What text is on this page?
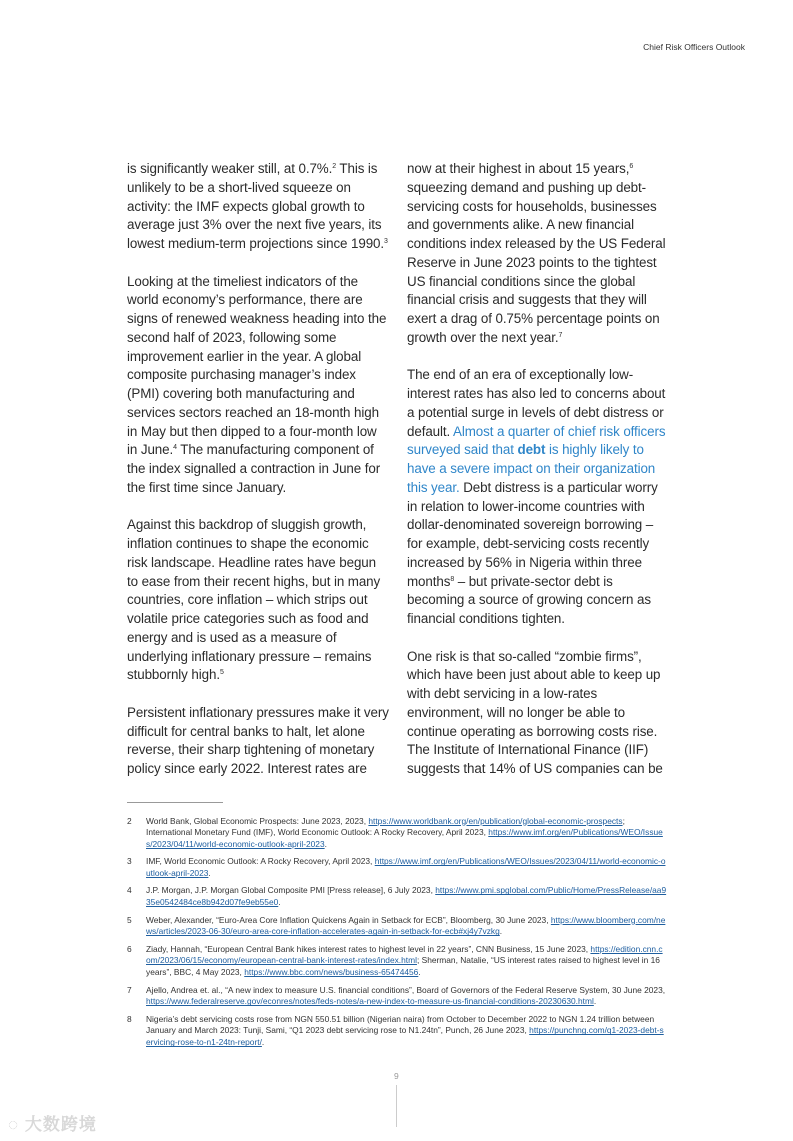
Chief Risk Officers Outlook

is significantly weaker still, at 0.7%.$^2$ This is unlikely to be a short-lived squeeze on activity: the IMF expects global growth to average just 3% over the next five years, its lowest medium-term projections since 1990.$^3$

Looking at the timeliest indicators of the world economy’s performance, there are signs of renewed weakness heading into the second half of 2023, following some improvement earlier in the year. A global composite purchasing manager’s index (PMI) covering both manufacturing and services sectors reached an 18-month high in May but then dipped to a four-month low in June.$^4$ The manufacturing component of the index signalled a contraction in June for the first time since January.

Against this backdrop of sluggish growth, inflation continues to shape the economic risk landscape. Headline rates have begun to ease from their recent highs, but in many countries, core inflation – which strips out volatile price categories such as food and energy and is used as a measure of underlying inflationary pressure – remains stubbornly high.$^5$

Persistent inflationary pressures make it very difficult for central banks to halt, let alone reverse, their sharp tightening of monetary policy since early 2022. Interest rates are

now at their highest in about 15 years,$^6$ squeezing demand and pushing up debt-servicing costs for households, businesses and governments alike. A new financial conditions index released by the US Federal Reserve in June 2023 points to the tightest US financial conditions since the global financial crisis and suggests that they will exert a drag of 0.75% percentage points on growth over the next year.$^7$

The end of an era of exceptionally low-interest rates has also led to concerns about a potential surge in levels of debt distress or default. Almost a quarter of chief risk officers surveyed said that debt is highly likely to have a severe impact on their organization this year. Debt distress is a particular worry in relation to lower-income countries with dollar-denominated sovereign borrowing – for example, debt-servicing costs recently increased by 56% in Nigeria within three months$^8$ – but private-sector debt is becoming a source of growing concern as financial conditions tighten.

One risk is that so-called “zombie firms”, which have been just about able to keep up with debt servicing in a low-rates environment, will no longer be able to continue operating as borrowing costs rise. The Institute of International Finance (IIF) suggests that 14% of US companies can be

2	World Bank, Global Economic Prospects: June 2023, 2023, https://www.worldbank.org/en/publication/global-economic-prospects; International Monetary Fund (IMF), World Economic Outlook: A Rocky Recovery, April 2023, https://www.imf.org/en/Publications/WEO/Issues/2023/04/11/world-economic-outlook-april-2023.
3	IMF, World Economic Outlook: A Rocky Recovery, April 2023, https://www.imf.org/en/Publications/WEO/Issues/2023/04/11/world-economic-outlook-april-2023.
4	J.P. Morgan, J.P. Morgan Global Composite PMI [Press release], 6 July 2023, https://www.pmi.spglobal.com/Public/Home/PressRelease/aa935e0542484ce8b942d07fe9eb55e0.
5	Weber, Alexander, “Euro-Area Core Inflation Quickens Again in Setback for ECB”, Bloomberg, 30 June 2023, https://www.bloomberg.com/news/articles/2023-06-30/euro-area-core-inflation-accelerates-again-in-setback-for-ecb#xj4y7vzkg.
6	Ziady, Hannah, “European Central Bank hikes interest rates to highest level in 22 years”, CNN Business, 15 June 2023, https://edition.cnn.com/2023/06/15/economy/european-central-bank-interest-rates/index.html; Sherman, Natalie, “US interest rates raised to highest level in 16 years”, BBC, 4 May 2023, https://www.bbc.com/news/business-65474456.
7	Ajello, Andrea et. al., “A new index to measure U.S. financial conditions”, Board of Governors of the Federal Reserve System, 30 June 2023, https://www.federalreserve.gov/econres/notes/feds-notes/a-new-index-to-measure-us-financial-conditions-20230630.html.
8	Nigeria’s debt servicing costs rose from NGN 550.51 billion (Nigerian naira) from October to December 2022 to NGN 1.24 trillion between January and March 2023: Tunji, Sami, “Q1 2023 debt servicing rose to N1.24tn”, Punch, 26 June 2023, https://punchng.com/q1-2023-debt-servicing-rose-to-n1-24tn-report/.
9
◌ 大数跨境
